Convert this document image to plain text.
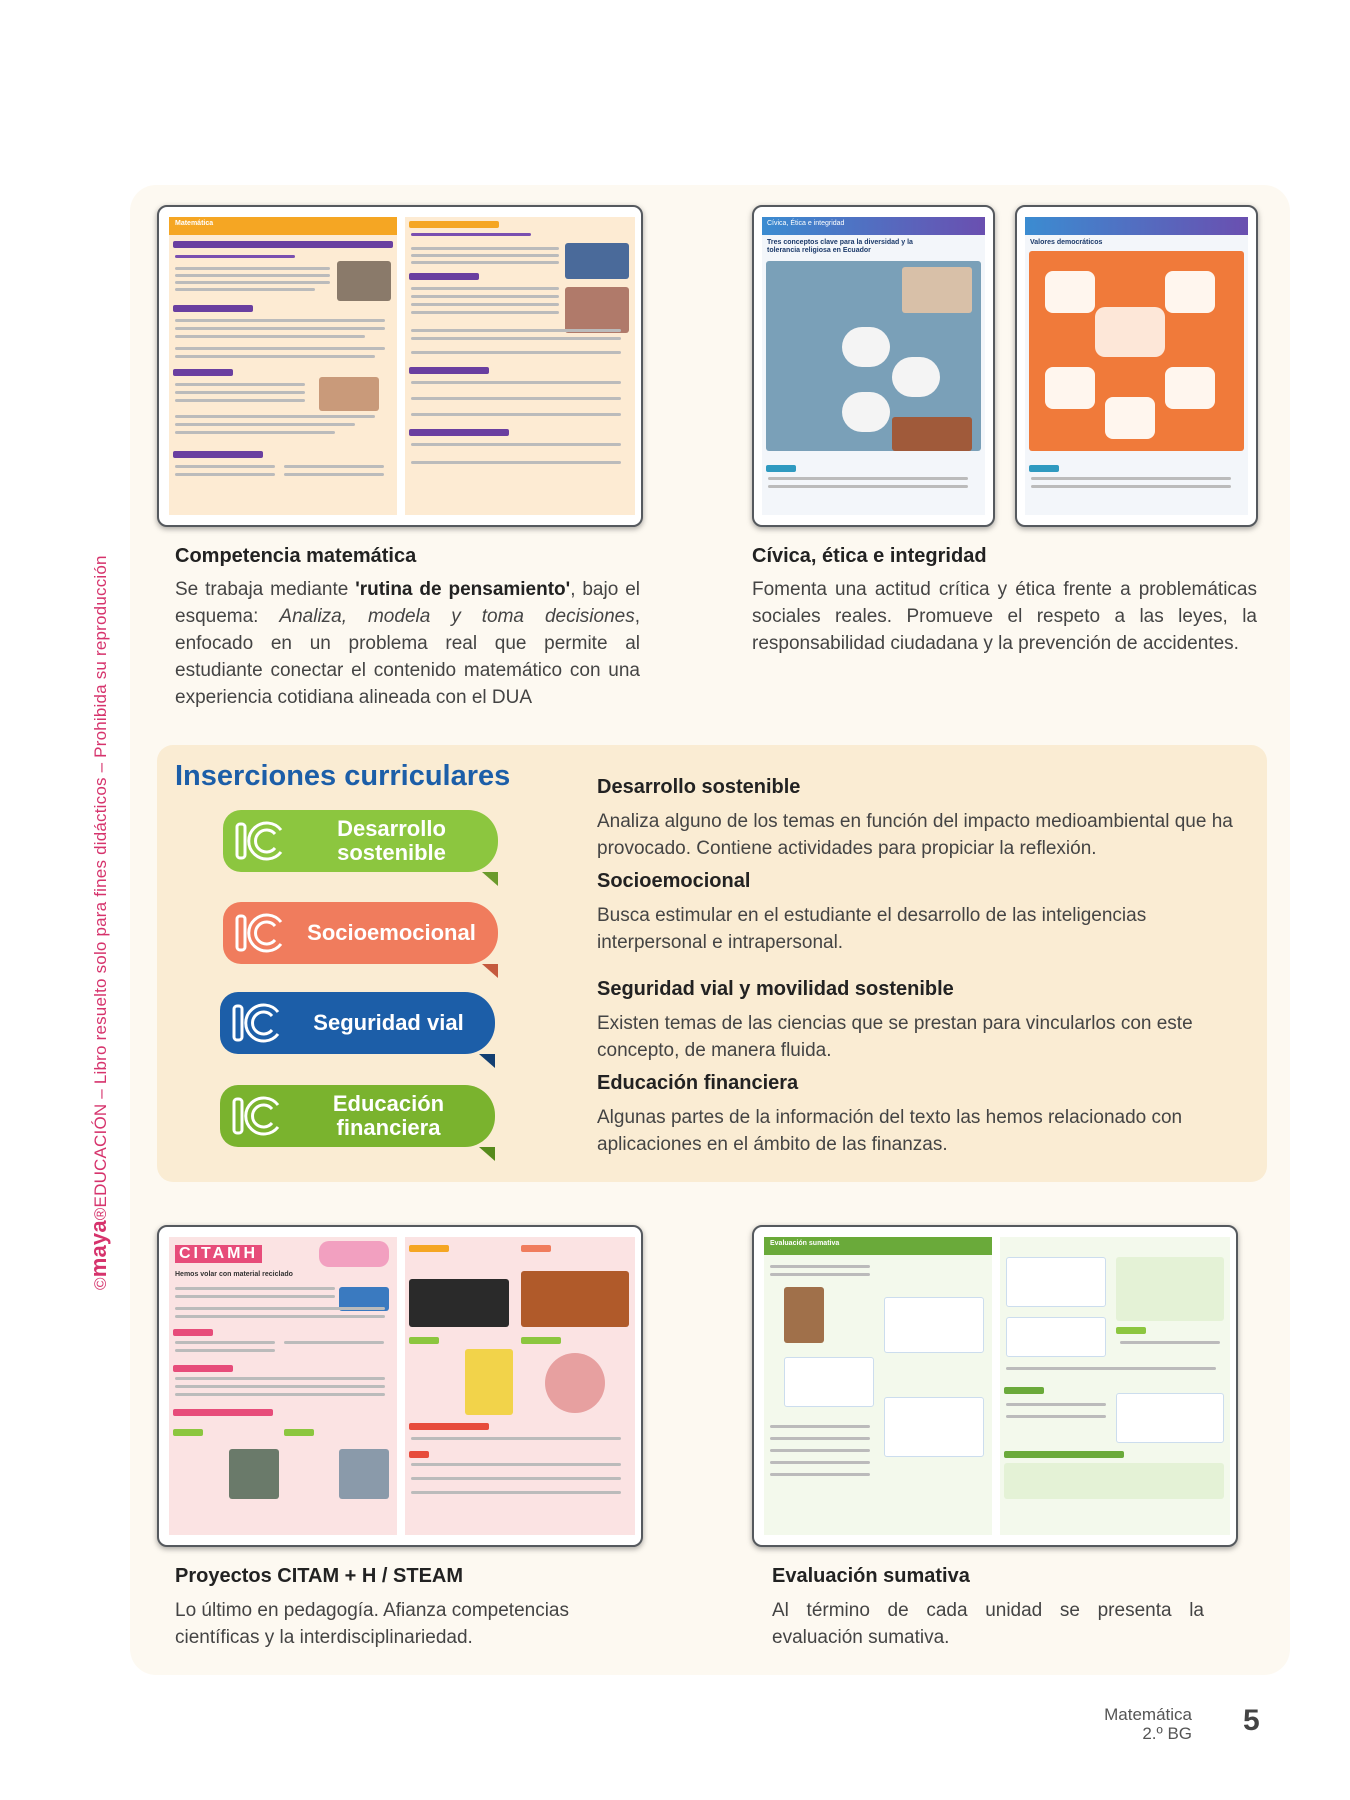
©maya®EDUCACIÓN – Libro resuelto solo para fines didácticos – Prohibida su reproducción
Matemática	Cívica, Ética e integridad
Tres conceptos clave para la diversidad y la tolerancia religiosa en Ecuador
Valores democráticos
Competencia matemática
Se trabaja mediante 'rutina de pensamiento', bajo el esquema: Analiza, modela y toma decisiones, enfocado en un problema real que permite al estudiante conectar el contenido matemático con una experiencia cotidiana alineada con el DUA
Cívica, ética e integridad
Fomenta una actitud crítica y ética frente a problemáticas sociales reales. Promueve el respeto a las leyes, la responsabilidad ciudadana y la prevención de accidentes.
Inserciones curriculares
Desarrollo sostenible
Socioemocional
Seguridad vial
Educación financiera
Desarrollo sostenible
Analiza alguno de los temas en función del impacto medioambiental que ha provocado. Contiene actividades para propiciar la reflexión.
Socioemocional
Busca estimular en el estudiante el desarrollo de las inteligencias interpersonal e intrapersonal.
Seguridad vial y movilidad sostenible
Existen temas de las ciencias que se prestan para vincularlos con este concepto, de manera fluida.
Educación financiera
Algunas partes de la información del texto las hemos relacionado con aplicaciones en el ámbito de las finanzas.
CITAMH
Hemos volar con material reciclado
Evaluación sumativa
Proyectos CITAM + H / STEAM
Lo último en pedagogía. Afianza competencias científicas y la interdisciplinariedad.
Evaluación sumativa
Al término de cada unidad se presenta la evaluación sumativa.
Matemática
2.º BG 5
